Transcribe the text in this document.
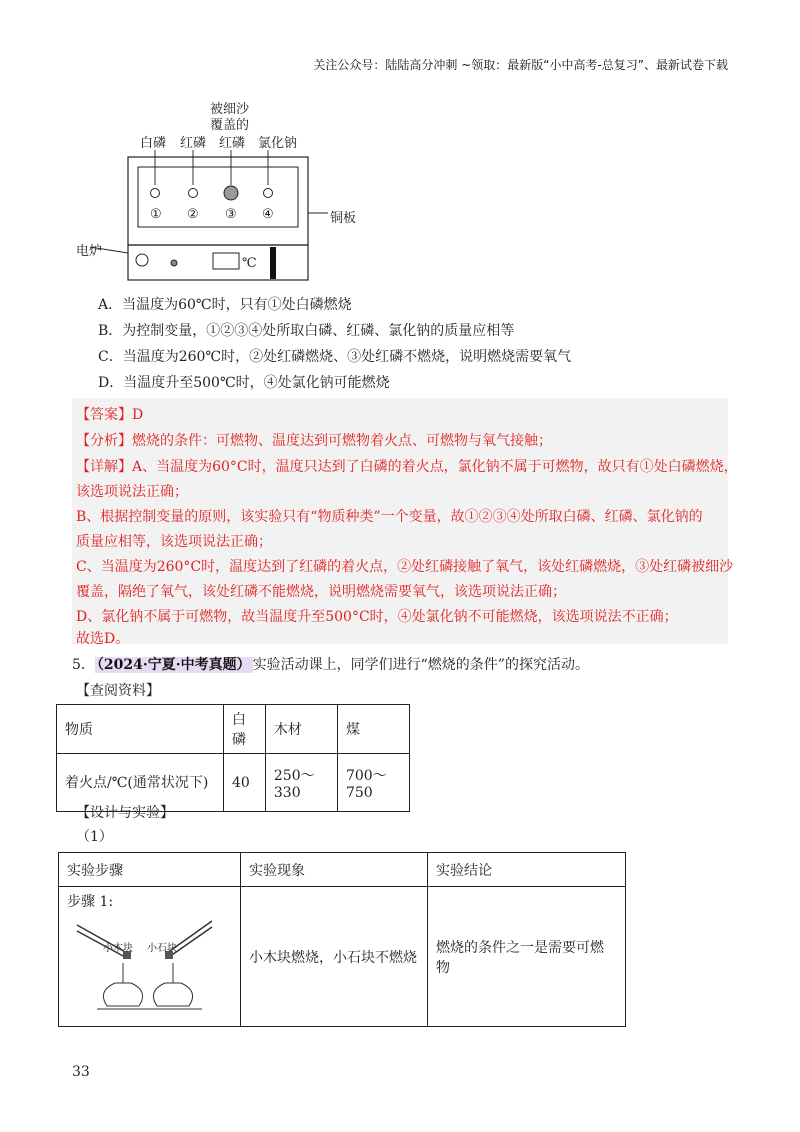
关注公众号：陆陆高分冲刺 ~领取：最新版“小中高考-总复习”、最新试卷下载
被细沙
覆盖的
白磷 红磷 红磷 氯化钠
① ② ③ ④	铜板
电炉
℃
A．当温度为60℃时，只有①处白磷燃烧
B．为控制变量，①②③④处所取白磷、红磷、氯化钠的质量应相等
C．当温度为260℃时，②处红磷燃烧、③处红磷不燃烧，说明燃烧需要氧气
D．当温度升至500℃时，④处氯化钠可能燃烧
【答案】D
【分析】燃烧的条件：可燃物、温度达到可燃物着火点、可燃物与氧气接触；
【详解】A、当温度为60°C时，温度只达到了白磷的着火点，氯化钠不属于可燃物，故只有①处白磷燃烧，
该选项说法正确；
B、根据控制变量的原则，该实验只有“物质种类”一个变量，故①②③④处所取白磷、红磷、氯化钠的
质量应相等，该选项说法正确；
C、当温度为260°C时，温度达到了红磷的着火点，②处红磷接触了氧气，该处红磷燃烧，③处红磷被细沙
覆盖，隔绝了氧气，该处红磷不能燃烧，说明燃烧需要氧气，该选项说法正确；
D、氯化钠不属于可燃物，故当温度升至500°C时，④处氯化钠不可能燃烧，该选项说法不正确；
故选D。
5． （2024·宁夏·中考真题） 实验活动课上，同学们进行“燃烧的条件”的探究活动。
【查阅资料】
物质	白磷	木材	煤
着火点/℃(通常状况下)	40	250～330	700～750
【设计与实验】
（1）
实验步骤	实验现象	实验结论

步骤 1:
小木块 小石块	小木块燃烧，小石块不燃烧	燃烧的条件之一是需要可燃物
33
